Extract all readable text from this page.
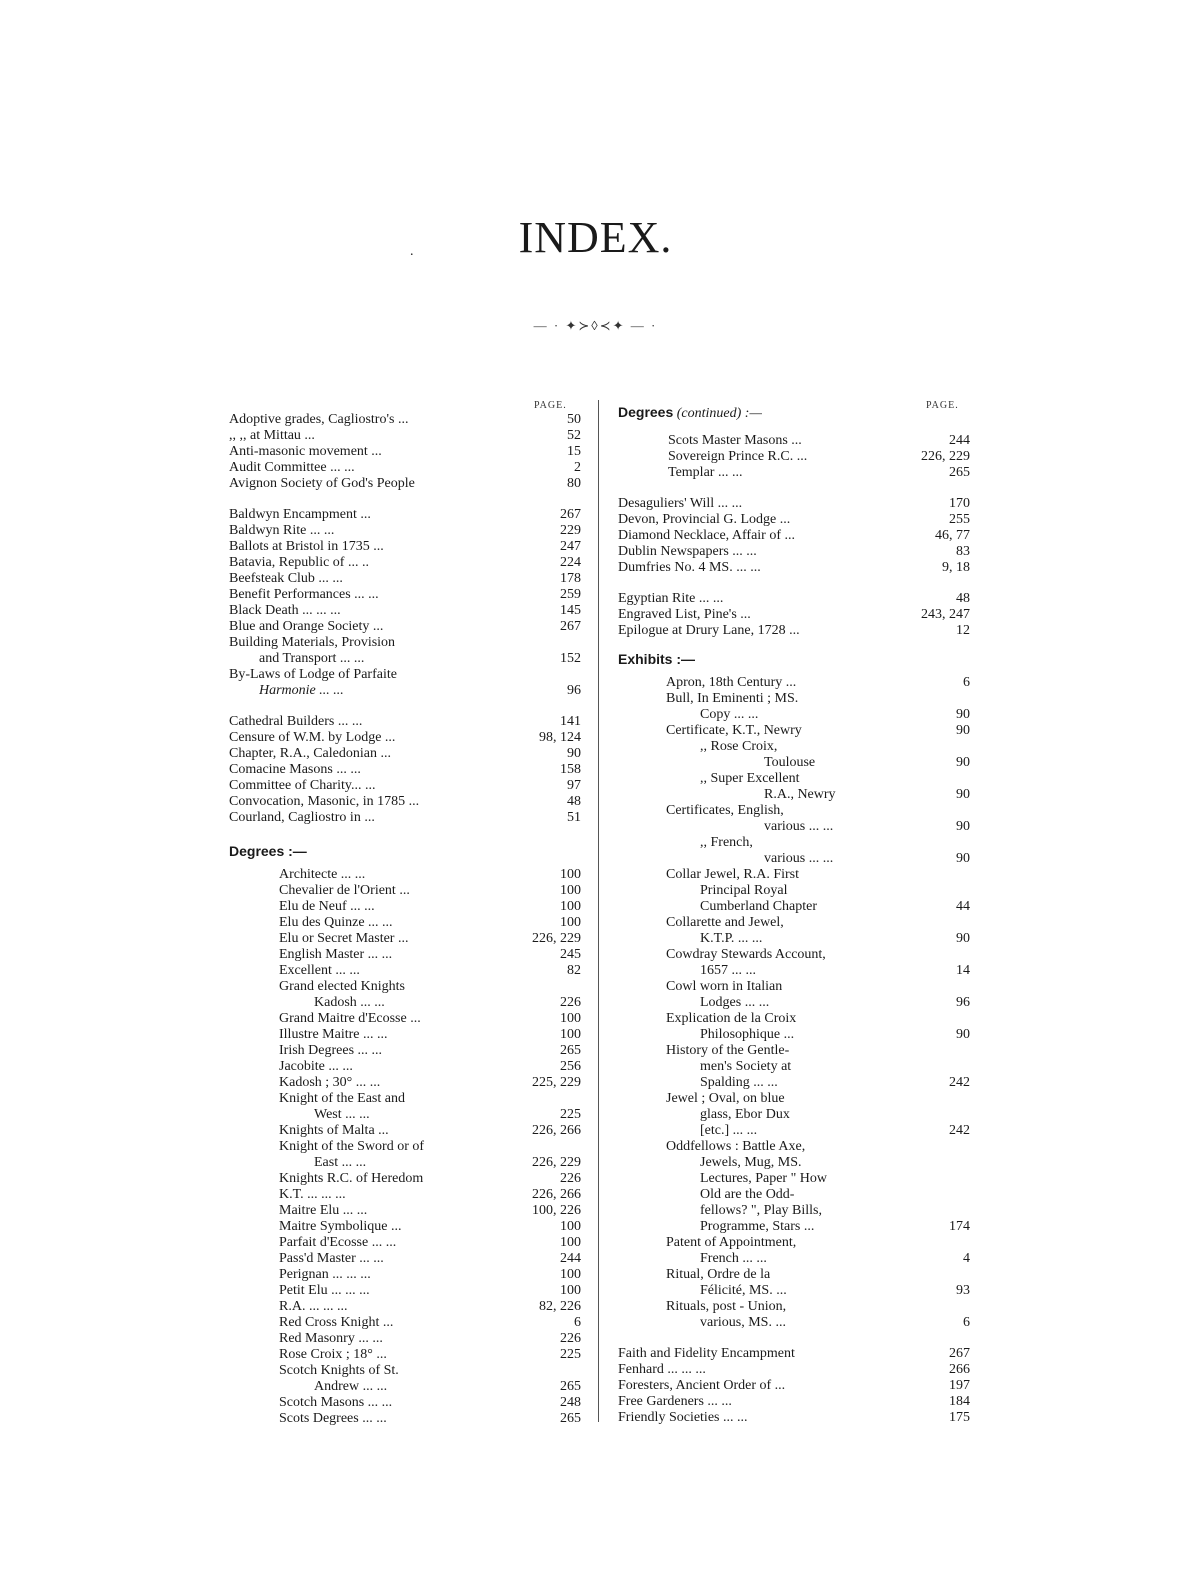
INDEX.
— · ✦≻◊≺✦ — ·
.
PAGE.	PAGE.
Adoptive grades, Cagliostro's ...	50
,, ,, at Mittau ...	52
Anti-masonic movement ...	15
Audit Committee ... ...	2
Avignon Society of God's People	80
Baldwyn Encampment ...	267
Baldwyn Rite ... ...	229
Ballots at Bristol in 1735 ...	247
Batavia, Republic of ... ..	224
Beefsteak Club ... ...	178
Benefit Performances ... ...	259
Black Death ... ... ...	145
Blue and Orange Society ...	267
Building Materials, Provision
and Transport ... ...	152
By-Laws of Lodge of Parfaite
Harmonie ... ...	96
Cathedral Builders ... ...	141
Censure of W.M. by Lodge ...	98, 124
Chapter, R.A., Caledonian ...	90
Comacine Masons ... ...	158
Committee of Charity... ...	97
Convocation, Masonic, in 1785 ...	48
Courland, Cagliostro in ...	51
Degrees :—
Architecte ... ...	100
Chevalier de l'Orient ...	100
Elu de Neuf ... ...	100
Elu des Quinze ... ...	100
Elu or Secret Master ...	226, 229
English Master ... ...	245
Excellent ... ...	82
Grand elected Knights
Kadosh ... ...	226
Grand Maitre d'Ecosse ...	100
Illustre Maitre ... ...	100
Irish Degrees ... ...	265
Jacobite ... ...	256
Kadosh ; 30° ... ...	225, 229
Knight of the East and
West ... ...	225
Knights of Malta ...	226, 266
Knight of the Sword or of
East ... ...	226, 229
Knights R.C. of Heredom	226
K.T. ... ... ...	226, 266
Maitre Elu ... ...	100, 226
Maitre Symbolique ...	100
Parfait d'Ecosse ... ...	100
Pass'd Master ... ...	244
Perignan ... ... ...	100
Petit Elu ... ... ...	100
R.A. ... ... ...	82, 226
Red Cross Knight ...	6
Red Masonry ... ...	226
Rose Croix ; 18° ...	225
Scotch Knights of St.
Andrew ... ...	265
Scotch Masons ... ...	248
Scots Degrees ... ...	265
Degrees (continued) :—
Scots Master Masons ...	244
Sovereign Prince R.C. ...	226, 229
Templar ... ...	265
Desaguliers' Will ... ...	170
Devon, Provincial G. Lodge ...	255
Diamond Necklace, Affair of ...	46, 77
Dublin Newspapers ... ...	83
Dumfries No. 4 MS. ... ...	9, 18
Egyptian Rite ... ...	48
Engraved List, Pine's ...	243, 247
Epilogue at Drury Lane, 1728 ...	12
Exhibits :—
Apron, 18th Century ...	6
Bull, In Eminenti ; MS.
Copy ... ...	90
Certificate, K.T., Newry	90
,, Rose Croix,
Toulouse	90
,, Super Excellent
R.A., Newry	90
Certificates, English,
various ... ...	90
,, French,
various ... ...	90
Collar Jewel, R.A. First
Principal Royal
Cumberland Chapter	44
Collarette and Jewel,
K.T.P. ... ...	90
Cowdray Stewards Account,
1657 ... ...	14
Cowl worn in Italian
Lodges ... ...	96
Explication de la Croix
Philosophique ...	90
History of the Gentle-
men's Society at
Spalding ... ...	242
Jewel ; Oval, on blue
glass, Ebor Dux
[etc.] ... ...	242
Oddfellows : Battle Axe,
Jewels, Mug, MS.
Lectures, Paper " How
Old are the Odd-
fellows? ", Play Bills,
Programme, Stars ...	174
Patent of Appointment,
French ... ...	4
Ritual, Ordre de la
Félicité, MS. ...	93
Rituals, post - Union,
various, MS. ...	6
Faith and Fidelity Encampment	267
Fenhard ... ... ...	266
Foresters, Ancient Order of ...	197
Free Gardeners ... ...	184
Friendly Societies ... ...	175
